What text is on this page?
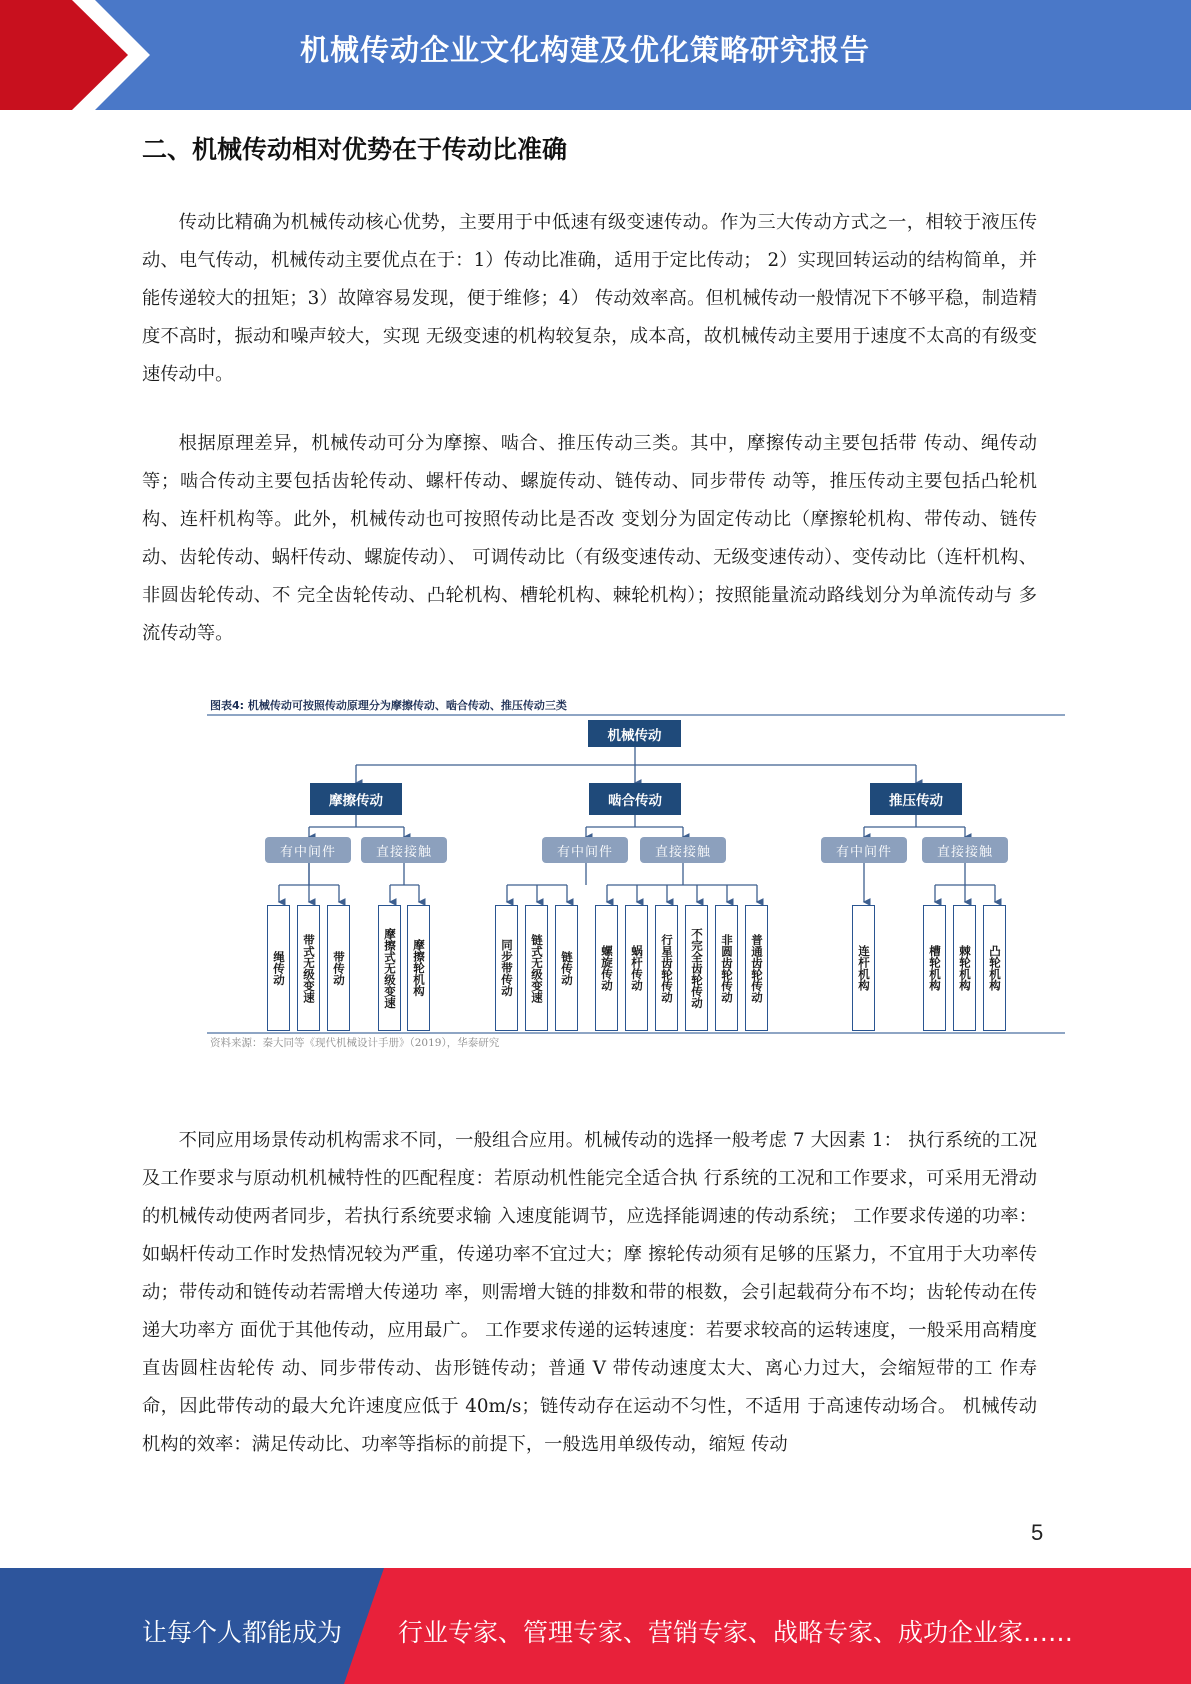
机械传动企业文化构建及优化策略研究报告
二、机械传动相对优势在于传动比准确

传动比精确为机械传动核心优势，主要用于中低速有级变速传动。作为三大传动方式之一，相较于液压传动、电气传动，机械传动主要优点在于：1）传动比准确，适用于定比传动； 2）实现回转运动的结构简单，并能传递较大的扭矩；3）故障容易发现，便于维修；4） 传动效率高。但机械传动一般情况下不够平稳，制造精度不高时，振动和噪声较大，实现 无级变速的机构较复杂，成本高，故机械传动主要用于速度不太高的有级变速传动中。

根据原理差异，机械传动可分为摩擦、啮合、推压传动三类。其中，摩擦传动主要包括带 传动、绳传动等；啮合传动主要包括齿轮传动、螺杆传动、螺旋传动、链传动、同步带传 动等，推压传动主要包括凸轮机构、连杆机构等。此外，机械传动也可按照传动比是否改 变划分为固定传动比（摩擦轮机构、带传动、链传动、齿轮传动、蜗杆传动、螺旋传动）、 可调传动比（有级变速传动、无级变速传动）、变传动比（连杆机构、非圆齿轮传动、不 完全齿轮传动、凸轮机构、槽轮机构、棘轮机构）；按照能量流动路线划分为单流传动与 多流传动等。

图表4: 机械传动可按照传动原理分为摩擦传动、啮合传动、推压传动三类
机械传动
摩擦传动	啮合传动	推压传动
有中间件	直接接触	有中间件	直接接触	有中间件	直接接触
绳传动 带式无级变速 带传动	摩擦式无级变速 摩擦轮机构	同步带传动 链式无级变速 链传动 螺旋传动 蜗杆传动 行星齿轮传动 不完全齿轮传动 非圆齿轮传动 普通齿轮传动	连杆机构	槽轮机构 棘轮机构 凸轮机构
资料来源：秦大同等《现代机械设计手册》（2019），华泰研究

不同应用场景传动机构需求不同，一般组合应用。机械传动的选择一般考虑 7 大因素 1： 执行系统的工况及工作要求与原动机机械特性的匹配程度：若原动机性能完全适合执 行系统的工况和工作要求，可采用无滑动的机械传动使两者同步，若执行系统要求输 入速度能调节，应选择能调速的传动系统； 工作要求传递的功率：如蜗杆传动工作时发热情况较为严重，传递功率不宜过大；摩 擦轮传动须有足够的压紧力，不宜用于大功率传动；带传动和链传动若需增大传递功 率，则需增大链的排数和带的根数，会引起载荷分布不均；齿轮传动在传递大功率方 面优于其他传动，应用最广。 工作要求传递的运转速度：若要求较高的运转速度，一般采用高精度直齿圆柱齿轮传 动、同步带传动、齿形链传动；普通 V 带传动速度太大、离心力过大，会缩短带的工 作寿命，因此带传动的最大允许速度应低于 40m/s；链传动存在运动不匀性，不适用 于高速传动场合。 机械传动机构的效率：满足传动比、功率等指标的前提下，一般选用单级传动，缩短 传动

5
让每个人都能成为 行业专家、管理专家、营销专家、战略专家、成功企业家……
